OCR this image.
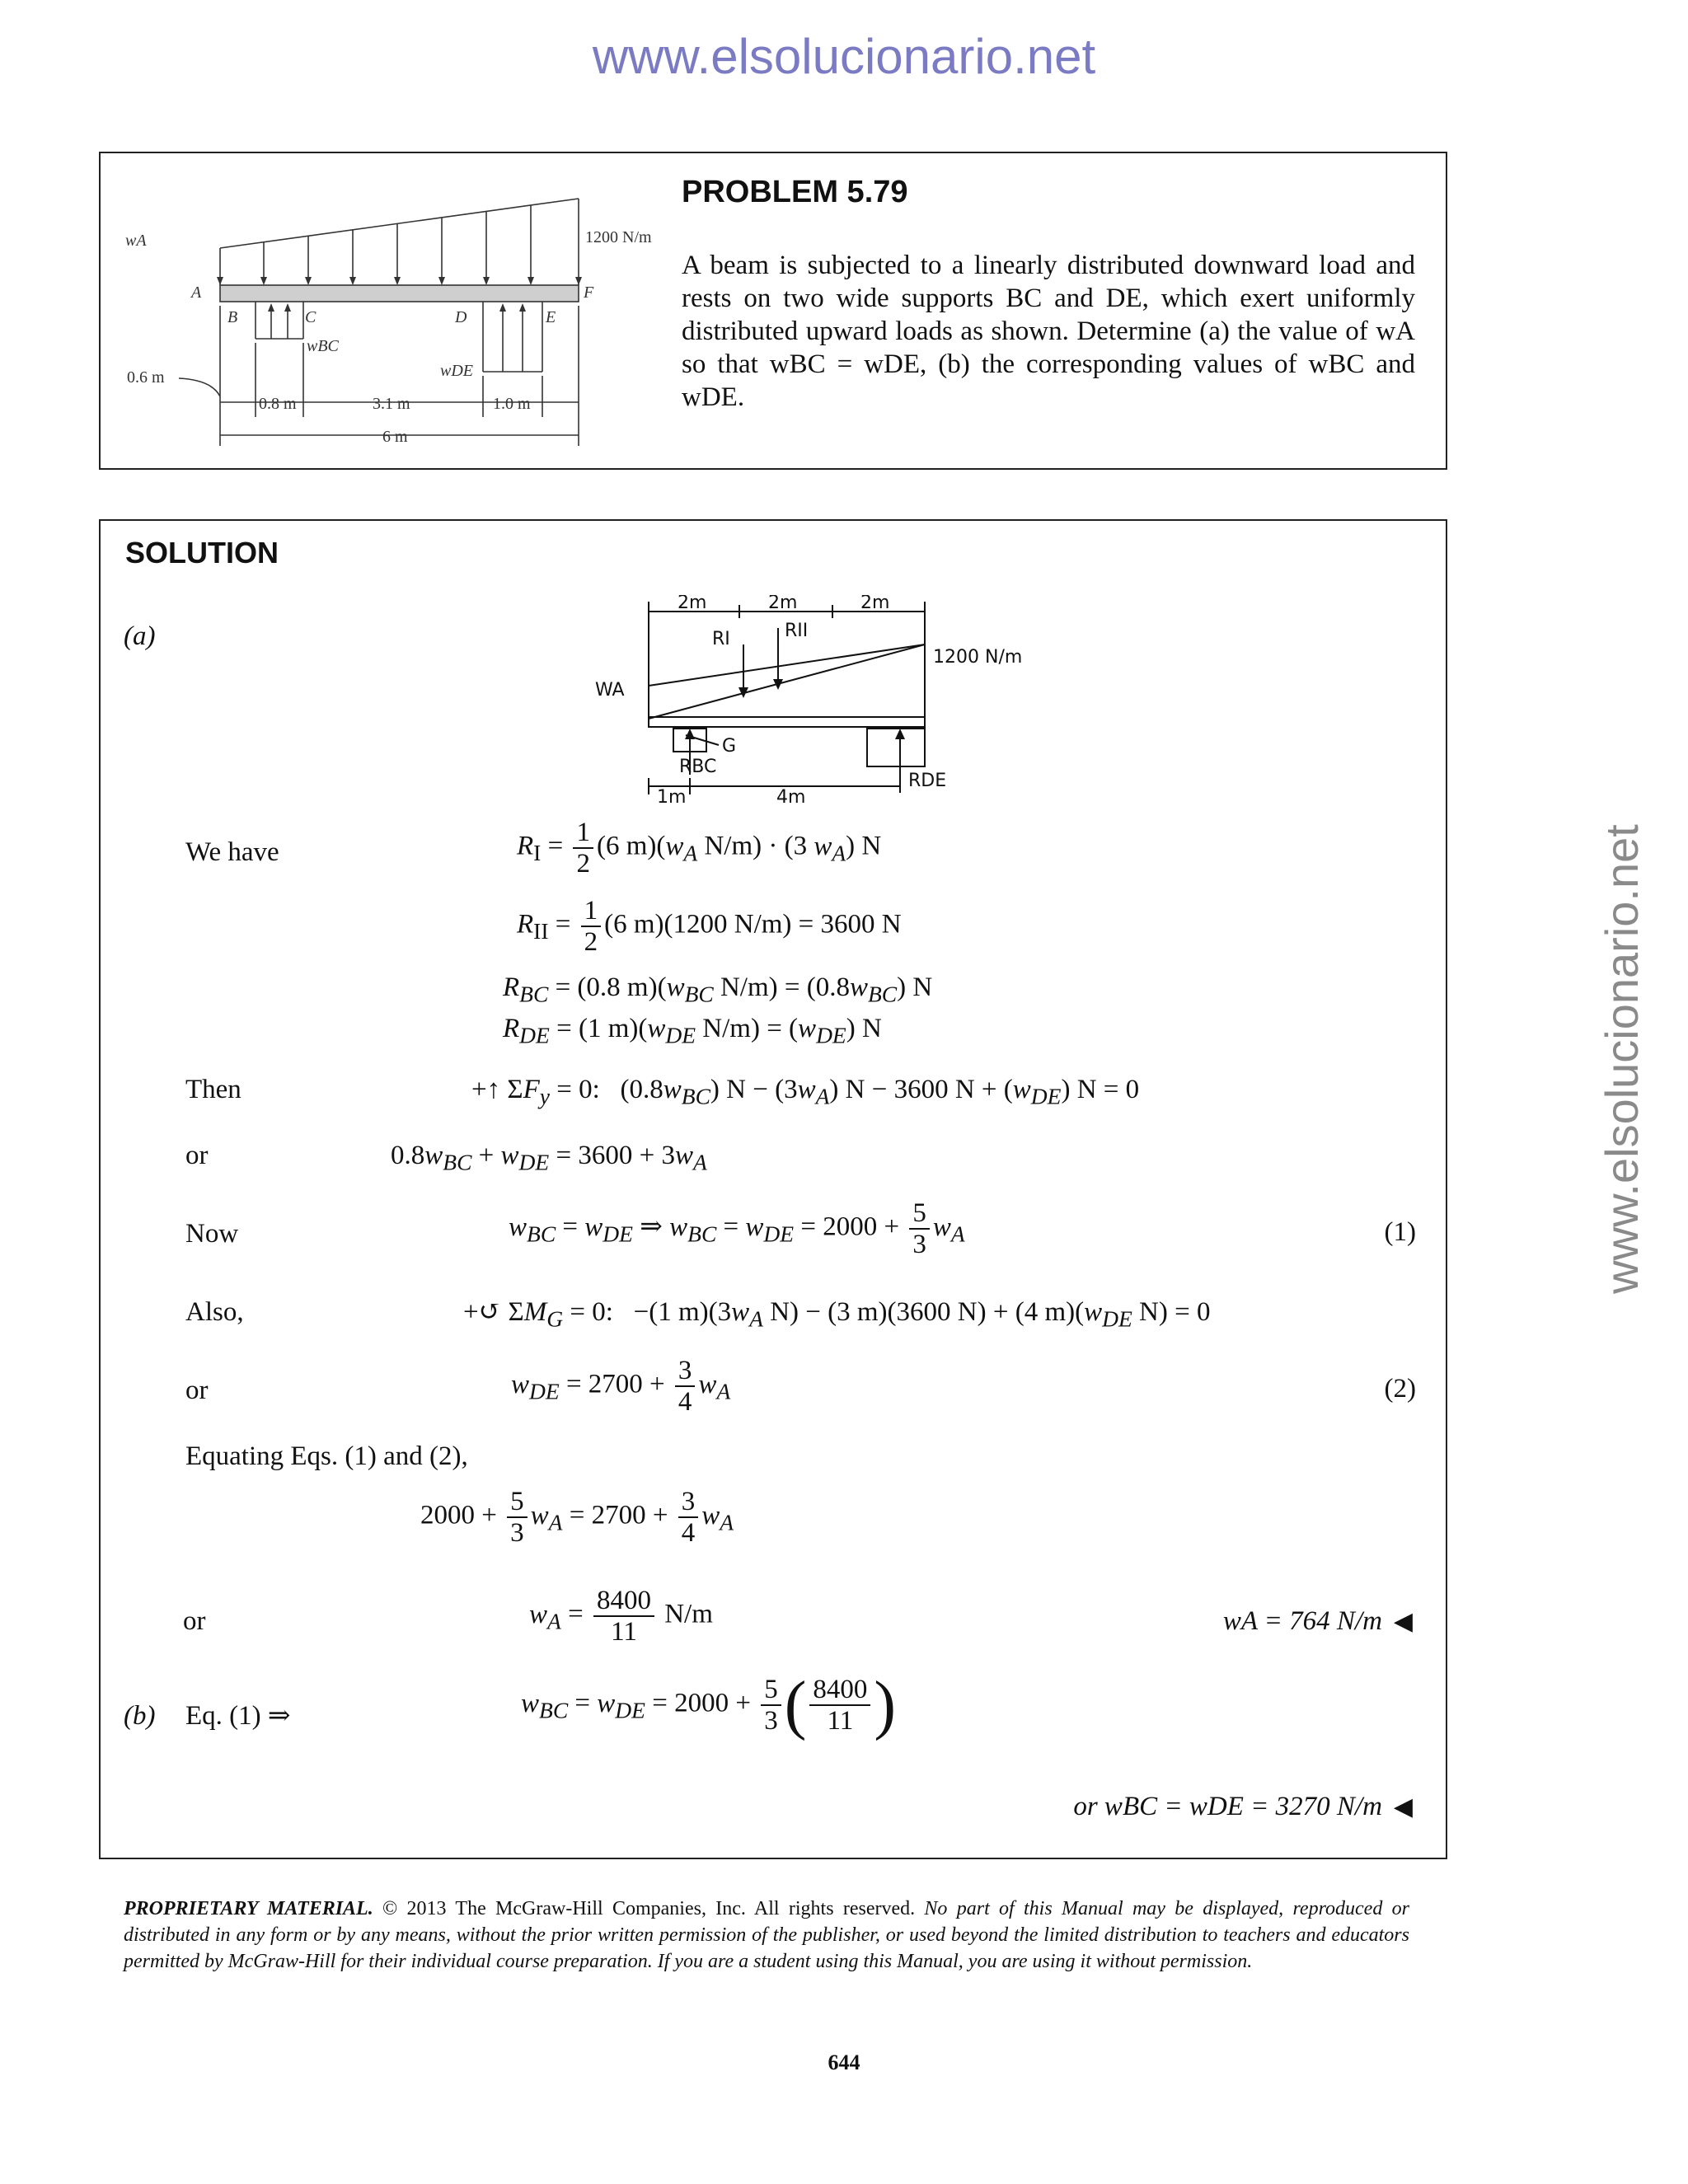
www.elsolucionario.net
www.elsolucionario.net
wA
A
B	C	D	E
F
wBC
wDE
1200 N/m
0.6 m
0.8 m	3.1 m	1.0 m
6 m
PROBLEM 5.79
A beam is subjected to a linearly distributed downward load and rests on two wide supports BC and DE, which exert uniformly distributed upward loads as shown. Determine (a) the value of wA so that wBC = wDE, (b) the corresponding values of wBC and wDE.
SOLUTION
(a)
2m	2m	2m
RI	RII
1200 N/m
WA
G
RBC
RDE
1m	4m
We have	$R_I = \frac{1}{2} (6$ $m)(w_A$ N/m) · (3 $w_A$) N
$R_{II} = \frac{1}{2} (6$ m)(1200 N/m) = 3600 N
$R_{BC} = (0.8$ $m)(w_{BC}$ $N/m) = (0.8w_{BC})$ N
$R_{DE} = (1$ $m)(w_{DE}$ $N/m) = (w_{DE})$ N
Then	+↑ $\Sigma F_y = 0$:   $(0.8w_{BC}) N - (3w_A) N - 3600$ $N + (w_{DE}) N = 0$
or	$0.8w_{BC} + w_{DE} = 3600 + 3w_A$
Now	$w_{BC} = w_{DE}$ ⇒ $w_{BC} = w_{DE} = 2000 + \frac{5}{3} w_A$	(1)
Also,	+↺ $\Sigma M_G = 0$:   −(1 $m)(3w_A$ N) − (3 m)(3600 N) + (4 $m)(w_{DE}$ N) = 0
or	$w_{DE} = 2700 + \frac{3}{4} w_A$	(2)
Equating Eqs. (1) and (2),
$2000 + \frac{5}{3} w_A = 2700 + \frac{3}{4} w_A$
or	$w_A = \frac{8400}{11} N/m$	wA = 764 N/m ◀
(b) Eq. (1) ⇒	$w_{BC} = w_{DE} = 2000 + \frac{5}{3}$ ( $\frac{8400}{11}$ )
or wBC = wDE = 3270 N/m ◀
PROPRIETARY MATERIAL. © 2013 The McGraw-Hill Companies, Inc. All rights reserved. No part of this Manual may be displayed, reproduced or distributed in any form or by any means, without the prior written permission of the publisher, or used beyond the limited distribution to teachers and educators permitted by McGraw-Hill for their individual course preparation. If you are a student using this Manual, you are using it without permission.
644
